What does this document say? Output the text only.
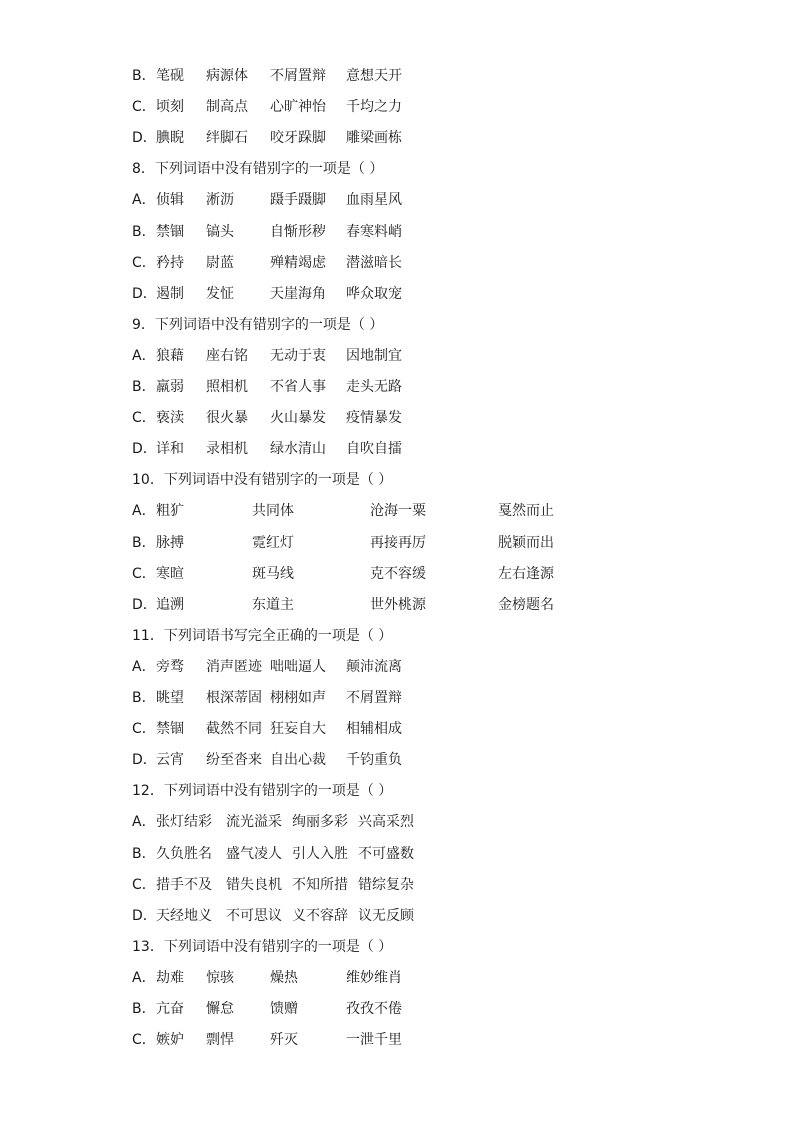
B． 笔砚 病源体 不屑置辩 意想天开
C． 顷刻 制高点 心旷神怡 千均之力
D． 腆睨 绊脚石 咬牙跺脚 雕梁画栋
8．下列词语中没有错别字的一项是（ ）
A． 侦辑 淅沥	蹑手蹑脚 血雨星风
B． 禁锢 镐头	自惭形秽 春寒料峭
C． 矜持 尉蓝	殚精竭虑 潜滋暗长
D． 遏制 发怔	天崖海角 哗众取宠
9．下列词语中没有错别字的一项是（ ）
A． 狼藉 座右铭 无动于衷 因地制宜
B． 羸弱 照相机 不省人事 走头无路
C． 亵渎 很火暴 火山暴发 疫情暴发
D． 详和 录相机 绿水清山 自吹自擂
10．下列词语中没有错别字的一项是（ ）
A． 粗犷	共同体	沧海一粟	戛然而止
B． 脉搏	霓红灯	再接再厉	脱颖而出
C． 寒暄	斑马线	克不容缓	左右逢源
D． 追溯	东道主	世外桃源	金榜题名
11．下列词语书写完全正确的一项是（ ）
A． 旁骛 消声匿迹 咄咄逼人 颠沛流离
B． 眺望 根深蒂固 栩栩如声 不屑置辩
C． 禁锢 截然不同 狂妄自大 相辅相成
D． 云宵 纷至沓来 自出心裁 千钧重负
12．下列词语中没有错别字的一项是（ ）
A． 张灯结彩 流光溢采 绚丽多彩 兴高采烈
B． 久负胜名 盛气凌人 引人入胜 不可盛数
C． 措手不及 错失良机 不知所措 错综复杂
D． 天经地义 不可思议 义不容辞 议无反顾
13．下列词语中没有错别字的一项是（ ）
A． 劫难 惊骇	燥热	维妙维肖
B． 亢奋 懈怠	馈赠	孜孜不倦
C． 嫉妒 剽悍	歼灭	一泄千里
